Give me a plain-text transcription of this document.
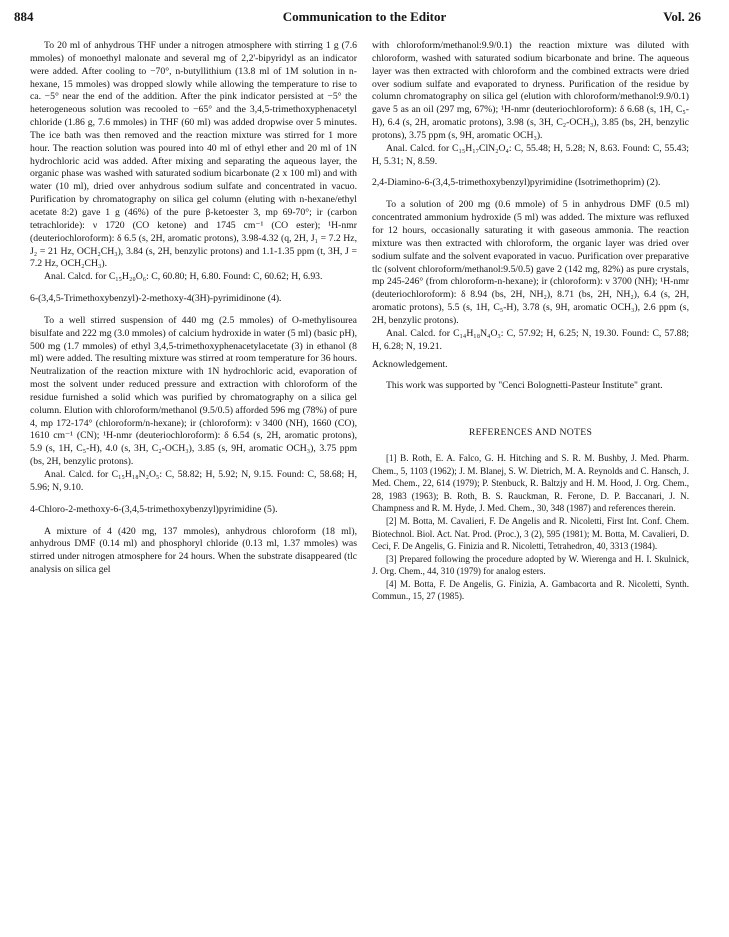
884	Communication to the Editor	Vol. 26

To 20 ml of anhydrous THF under a nitrogen atmosphere with stirring 1 g (7.6 mmoles) of monoethyl malonate and several mg of 2,2'-bipyridyl as an indicator were added. After cooling to −70°, n-butyllithium (13.8 ml of 1M solution in n-hexane, 15 mmoles) was dropped slowly while allowing the temperature to rise to ca. −5° near the end of the addition. After the pink indicator persisted at −5° the heterogeneous solution was recooled to −65° and the 3,4,5-trimethoxyphenacetyl chloride (1.86 g, 7.6 mmoles) in THF (60 ml) was added dropwise over 5 minutes. The ice bath was then removed and the reaction mixture was stirred for 1 more hour. The reaction solution was poured into 40 ml of ethyl ether and 20 ml of 1N hydrochloric acid was added. After mixing and separating the aqueous layer, the organic phase was washed with saturated sodium bicarbonate (2 x 100 ml) and with water (10 ml), dried over anhydrous sodium sulfate and concentrated in vacuo. Purification by chromatography on silica gel column (eluting with n-hexane/ethyl acetate 8:2) gave 1 g (46%) of the pure β-ketoester 3, mp 69-70°; ir (carbon tetrachloride): ν 1720 (CO ketone) and 1745 cm⁻¹ (CO ester); ¹H-nmr (deuteriochloroform): δ 6.5 (s, 2H, aromatic protons), 3.98-4.32 (q, 2H, J₁ = 7.2 Hz, J₂ = 21 Hz, OCH₂CH₃), 3.84 (s, 2H, benzylic protons) and 1.1-1.35 ppm (t, 3H, J = 7.2 Hz, OCH₂CH₃).

Anal. Calcd. for C₁₅H₂₀O₆: C, 60.80; H, 6.80. Found: C, 60.62; H, 6.93.

6-(3,4,5-Trimethoxybenzyl)-2-methoxy-4(3H)-pyrimidinone (4).

To a well stirred suspension of 440 mg (2.5 mmoles) of O-methylisourea bisulfate and 222 mg (3.0 mmoles) of calcium hydroxide in water (5 ml) (basic pH), 500 mg (1.7 mmoles) of ethyl 3,4,5-trimethoxyphenacetylacetate (3) in ethanol (8 ml) were added. The resulting mixture was stirred at room temperature for 36 hours. Neutralization of the reaction mixture with 1N hydrochloric acid, evaporation of most the solvent under reduced pressure and extraction with chloroform of the residue furnished a solid which was purified by chromatography on a silica gel column. Elution with chloroform/methanol (9.5/0.5) afforded 596 mg (78%) of pure 4, mp 172-174° (chloroform/n-hexane); ir (chloroform): ν 3400 (NH), 1660 (CO), 1610 cm⁻¹ (CN); ¹H-nmr (deuteriochloroform): δ 6.54 (s, 2H, aromatic protons), 5.9 (s, 1H, C₅-H), 4.0 (s, 3H, C₂-OCH₃), 3.85 (s, 9H, aromatic OCH₃), 3.75 ppm (bs, 2H, benzylic protons).

Anal. Calcd. for C₁₅H₁₈N₂O₅: C, 58.82; H, 5.92; N, 9.15. Found: C, 58.68; H, 5.96; N, 9.10.

4-Chloro-2-methoxy-6-(3,4,5-trimethoxybenzyl)pyrimidine (5).

A mixture of 4 (420 mg, 137 mmoles), anhydrous chloroform (18 ml), anhydrous DMF (0.14 ml) and phosphoryl chloride (0.13 ml, 1.37 mmoles) was stirred under nitrogen atmosphere for 24 hours. When the substrate disappeared (tlc analysis on silica gel

with chloroform/methanol:9.9/0.1) the reaction mixture was diluted with chloroform, washed with saturated sodium bicarbonate and brine. The aqueous layer was then extracted with chloroform and the combined extracts were dried over sodium sulfate and evaporated to dryness. Purification of the residue by column chromatography on silica gel (elution with chloroform/methanol:9.9/0.1) gave 5 as an oil (297 mg, 67%); ¹H-nmr (deuteriochloroform): δ 6.68 (s, 1H, C₅-H), 6.4 (s, 2H, aromatic protons), 3.98 (s, 3H, C₂-OCH₃), 3.85 (bs, 2H, benzylic protons), 3.75 ppm (s, 9H, aromatic OCH₃).

Anal. Calcd. for C₁₅H₁₇ClN₂O₄: C, 55.48; H, 5.28; N, 8.63. Found: C, 55.43; H, 5.31; N, 8.59.

2,4-Diamino-6-(3,4,5-trimethoxybenzyl)pyrimidine (Isotrimethoprim) (2).

To a solution of 200 mg (0.6 mmole) of 5 in anhydrous DMF (0.5 ml) concentrated ammonium hydroxide (5 ml) was added. The mixture was refluxed for 12 hours, occasionally saturating it with gaseous ammonia. The reaction mixture was then extracted with chloroform, the organic layer was dried over sodium sulfate and the solvent evaporated in vacuo. Purification over preparative tlc (solvent chloroform/methanol:9.5/0.5) gave 2 (142 mg, 82%) as pure crystals, mp 245-246° (from chloroform-n-hexane); ir (chloroform): ν 3700 (NH); ¹H-nmr (deuteriochloroform): δ 8.94 (bs, 2H, NH₂), 8.71 (bs, 2H, NH₂), 6.4 (s, 2H, aromatic protons), 5.5 (s, 1H, C₅-H), 3.78 (s, 9H, aromatic OCH₃), 2.6 ppm (s, 2H, benzylic protons).

Anal. Calcd. for C₁₄H₁₈N₄O₃: C, 57.92; H, 6.25; N, 19.30. Found: C, 57.88; H, 6.28; N, 19.21.

Acknowledgement.

This work was supported by "Cenci Bolognetti-Pasteur Institute" grant.

REFERENCES AND NOTES

[1] B. Roth, E. A. Falco, G. H. Hitching and S. R. M. Bushby, J. Med. Pharm. Chem., 5, 1103 (1962); J. M. Blanej, S. W. Dietrich, M. A. Reynolds and C. Hansch, J. Med. Chem., 22, 614 (1979); P. Stenbuck, R. Baltzjy and H. M. Hood, J. Org. Chem., 28, 1983 (1963); B. Roth, B. S. Rauckman, R. Ferone, D. P. Baccanari, J. N. Champness and R. M. Hyde, J. Med. Chem., 30, 348 (1987) and references therein.

[2] M. Botta, M. Cavalieri, F. De Angelis and R. Nicoletti, First Int. Conf. Chem. Biotechnol. Biol. Act. Nat. Prod. (Proc.), 3 (2), 595 (1981); M. Botta, M. Cavalieri, D. Ceci, F. De Angelis, G. Finizia and R. Nicoletti, Tetrahedron, 40, 3313 (1984).

[3] Prepared following the procedure adopted by W. Wierenga and H. I. Skulnick, J. Org. Chem., 44, 310 (1979) for analog esters.

[4] M. Botta, F. De Angelis, G. Finizia, A. Gambacorta and R. Nicoletti, Synth. Commun., 15, 27 (1985).
